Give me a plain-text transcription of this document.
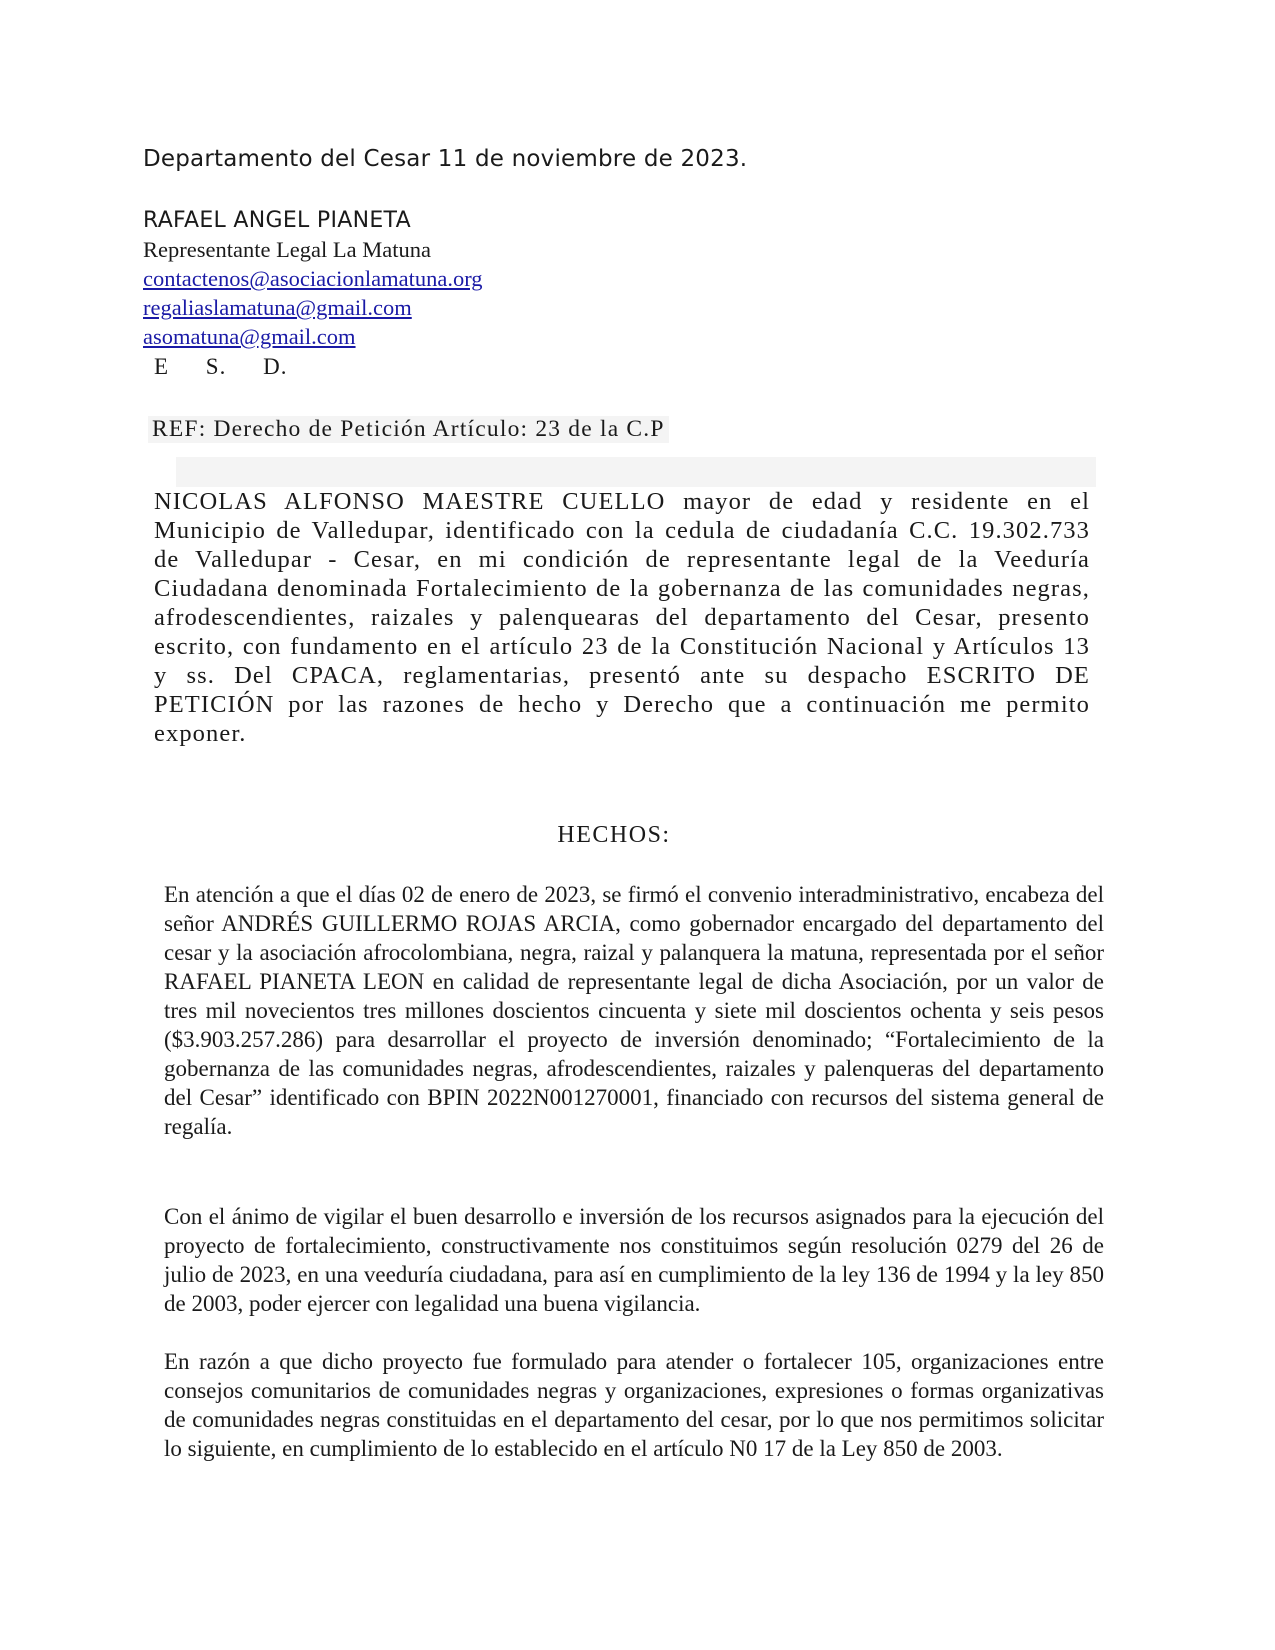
Departamento del Cesar 11 de noviembre de 2023.
RAFAEL ANGEL PIANETA
Representante Legal La Matuna
contactenos@asociacionlamatuna.org
regaliaslamatuna@gmail.com
asomatuna@gmail.com
E S. D.
REF: Derecho de Petición Artículo: 23 de la C.P
NICOLAS ALFONSO MAESTRE CUELLO mayor de edad y residente en el Municipio de Valledupar, identificado con la cedula de ciudadanía C.C. 19.302.733 de Valledupar - Cesar, en mi condición de representante legal de la Veeduría Ciudadana denominada Fortalecimiento de la gobernanza de las comunidades negras, afrodescendientes, raizales y palenquearas del departamento del Cesar, presento escrito, con fundamento en el artículo 23 de la Constitución Nacional y Artículos 13 y ss. Del CPACA, reglamentarias, presentó ante su despacho ESCRITO DE PETICIÓN por las razones de hecho y Derecho que a continuación me permito exponer.
HECHOS:
En atención a que el días 02 de enero de 2023, se firmó el convenio interadministrativo, encabeza del señor ANDRÉS GUILLERMO ROJAS ARCIA, como gobernador encargado del departamento del cesar y la asociación afrocolombiana, negra, raizal y palanquera la matuna, representada por el señor RAFAEL PIANETA LEON en calidad de representante legal de dicha Asociación, por un valor de tres mil novecientos tres millones doscientos cincuenta y siete mil doscientos ochenta y seis pesos ($3.903.257.286) para desarrollar el proyecto de inversión denominado; “Fortalecimiento de la gobernanza de las comunidades negras, afrodescendientes, raizales y palenqueras del departamento del Cesar” identificado con BPIN 2022N001270001, financiado con recursos del sistema general de regalía.
Con el ánimo de vigilar el buen desarrollo e inversión de los recursos asignados para la ejecución del proyecto de fortalecimiento, constructivamente nos constituimos según resolución 0279 del 26 de julio de 2023, en una veeduría ciudadana, para así en cumplimiento de la ley 136 de 1994 y la ley 850 de 2003, poder ejercer con legalidad una buena vigilancia.
En razón a que dicho proyecto fue formulado para atender o fortalecer 105, organizaciones entre consejos comunitarios de comunidades negras y organizaciones, expresiones o formas organizativas de comunidades negras constituidas en el departamento del cesar, por lo que nos permitimos solicitar lo siguiente, en cumplimiento de lo establecido en el artículo N0 17 de la Ley 850 de 2003.
